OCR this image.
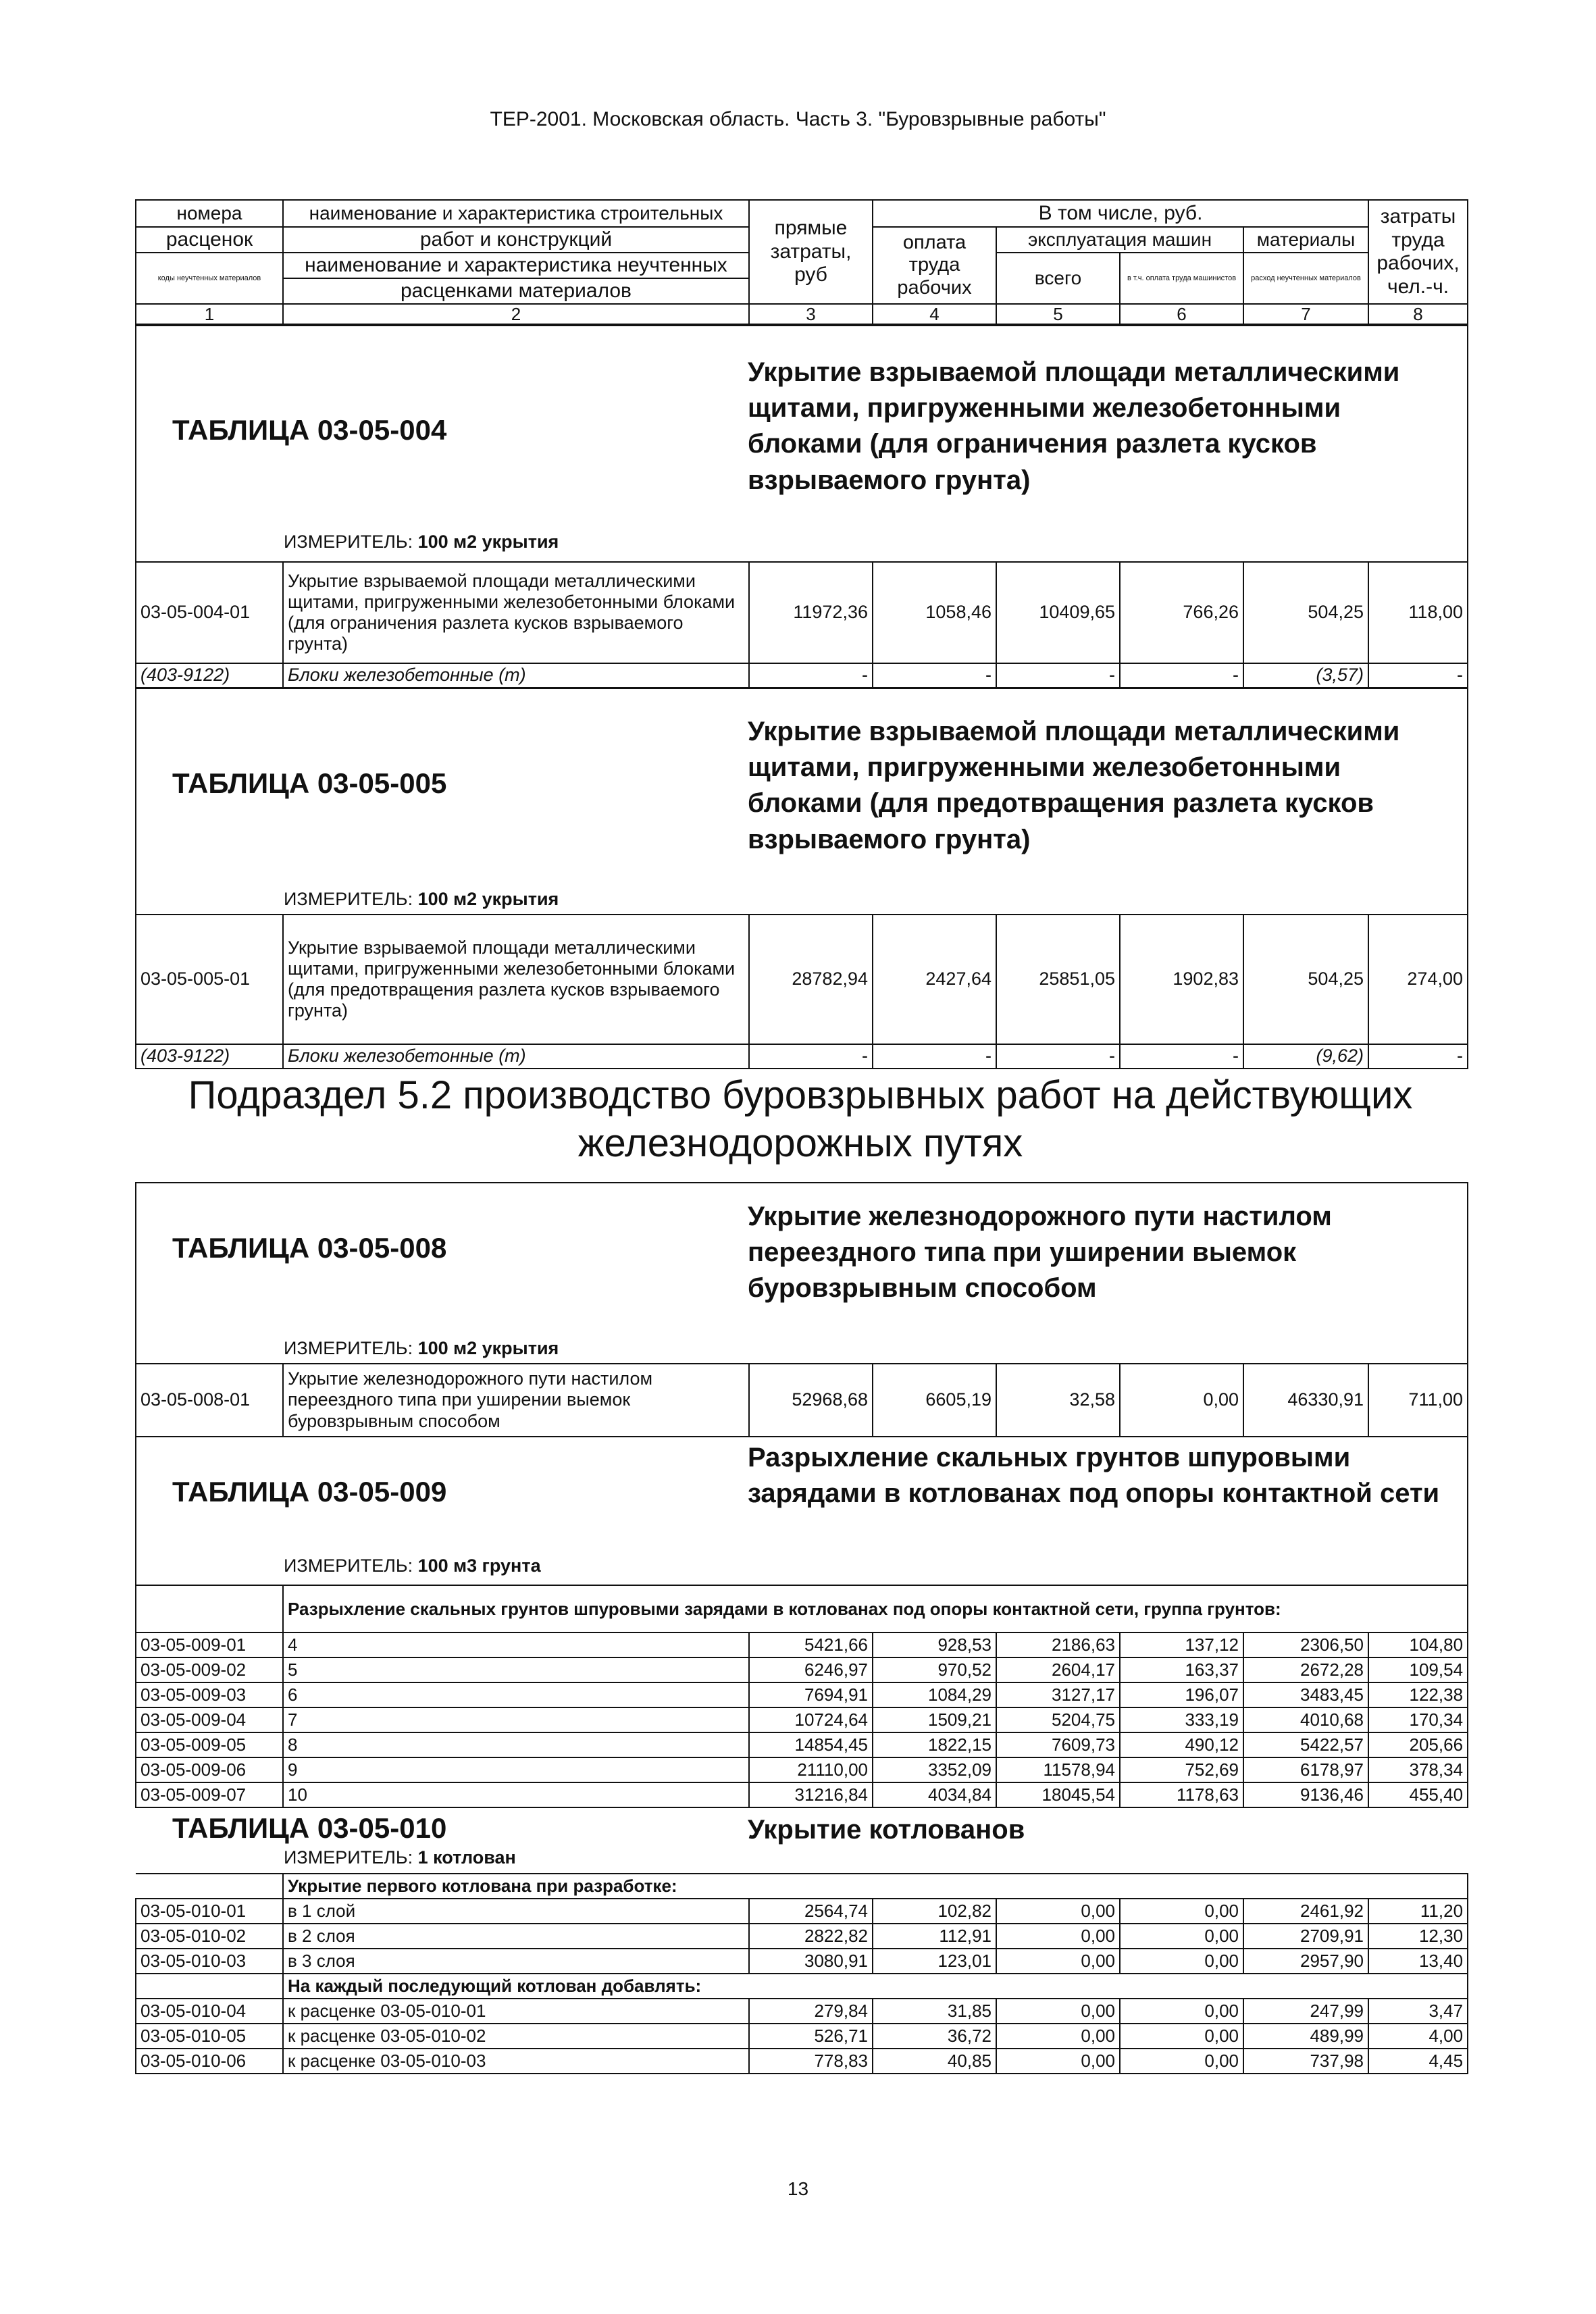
ТЕР-2001. Московская область. Часть 3. "Буровзрывные работы"
номера	наименование и характеристика строительных	прямые затраты, руб	В том числе, руб.				затраты труда рабочих, чел.-ч.
расценок	работ и конструкций		оплата труда рабочих	эксплуатация машин		материалы	
коды неучтенных материалов	наименование и характеристика неучтенных			всего	в т.ч. оплата труда машинистов	расход неучтенных материалов	
	расценками материалов						
1	2	3	4	5	6	7	8
ТАБЛИЦА 03-05-004
Укрытие взрываемой площади металлическими щитами, пригруженными железобетонными блоками (для ограничения разлета кусков взрываемого грунта)
ИЗМЕРИТЕЛЬ: 100 м2 укрытия
03-05-004-01	Укрытие взрываемой площади металлическими щитами, пригруженными железобетонными блоками (для ограничения разлета кусков взрываемого грунта)	11972,36	1058,46	10409,65	766,26	504,25	118,00
(403-9122)	Блоки железобетонные (т)	-	-	-	-	(3,57)	-
ТАБЛИЦА 03-05-005
Укрытие взрываемой площади металлическими щитами, пригруженными железобетонными блоками (для предотвращения разлета кусков взрываемого грунта)
ИЗМЕРИТЕЛЬ: 100 м2 укрытия
03-05-005-01	Укрытие взрываемой площади металлическими щитами, пригруженными железобетонными блоками (для предотвращения разлета кусков взрываемого грунта)	28782,94	2427,64	25851,05	1902,83	504,25	274,00
(403-9122)	Блоки железобетонные (т)	-	-	-	-	(9,62)	-
Подраздел 5.2 производство буровзрывных работ на действующих железнодорожных путях
ТАБЛИЦА 03-05-008
Укрытие железнодорожного пути настилом переездного типа при уширении выемок буровзрывным способом
ИЗМЕРИТЕЛЬ: 100 м2 укрытия
03-05-008-01	Укрытие железнодорожного пути настилом переездного типа при уширении выемок буровзрывным способом	52968,68	6605,19	32,58	0,00	46330,91	711,00
ТАБЛИЦА 03-05-009
Разрыхление скальных грунтов шпуровыми зарядами в котлованах под опоры контактной сети
ИЗМЕРИТЕЛЬ: 100 м3 грунта
	Разрыхление скальных грунтов шпуровыми зарядами в котлованах под опоры контактной сети, группа грунтов:						
03-05-009-01	4	5421,66	928,53	2186,63	137,12	2306,50	104,80
03-05-009-02	5	6246,97	970,52	2604,17	163,37	2672,28	109,54
03-05-009-03	6	7694,91	1084,29	3127,17	196,07	3483,45	122,38
03-05-009-04	7	10724,64	1509,21	5204,75	333,19	4010,68	170,34
03-05-009-05	8	14854,45	1822,15	7609,73	490,12	5422,57	205,66
03-05-009-06	9	21110,00	3352,09	11578,94	752,69	6178,97	378,34
03-05-009-07	10	31216,84	4034,84	18045,54	1178,63	9136,46	455,40
ТАБЛИЦА 03-05-010	Укрытие котлованов
ИЗМЕРИТЕЛЬ: 1 котлован
	Укрытие первого котлована при разработке:						
03-05-010-01	в 1 слой	2564,74	102,82	0,00	0,00	2461,92	11,20
03-05-010-02	в 2 слоя	2822,82	112,91	0,00	0,00	2709,91	12,30
03-05-010-03	в 3 слоя	3080,91	123,01	0,00	0,00	2957,90	13,40
	На каждый последующий котлован добавлять:						
03-05-010-04	к расценке 03-05-010-01	279,84	31,85	0,00	0,00	247,99	3,47
03-05-010-05	к расценке 03-05-010-02	526,71	36,72	0,00	0,00	489,99	4,00
03-05-010-06	к расценке 03-05-010-03	778,83	40,85	0,00	0,00	737,98	4,45
13
